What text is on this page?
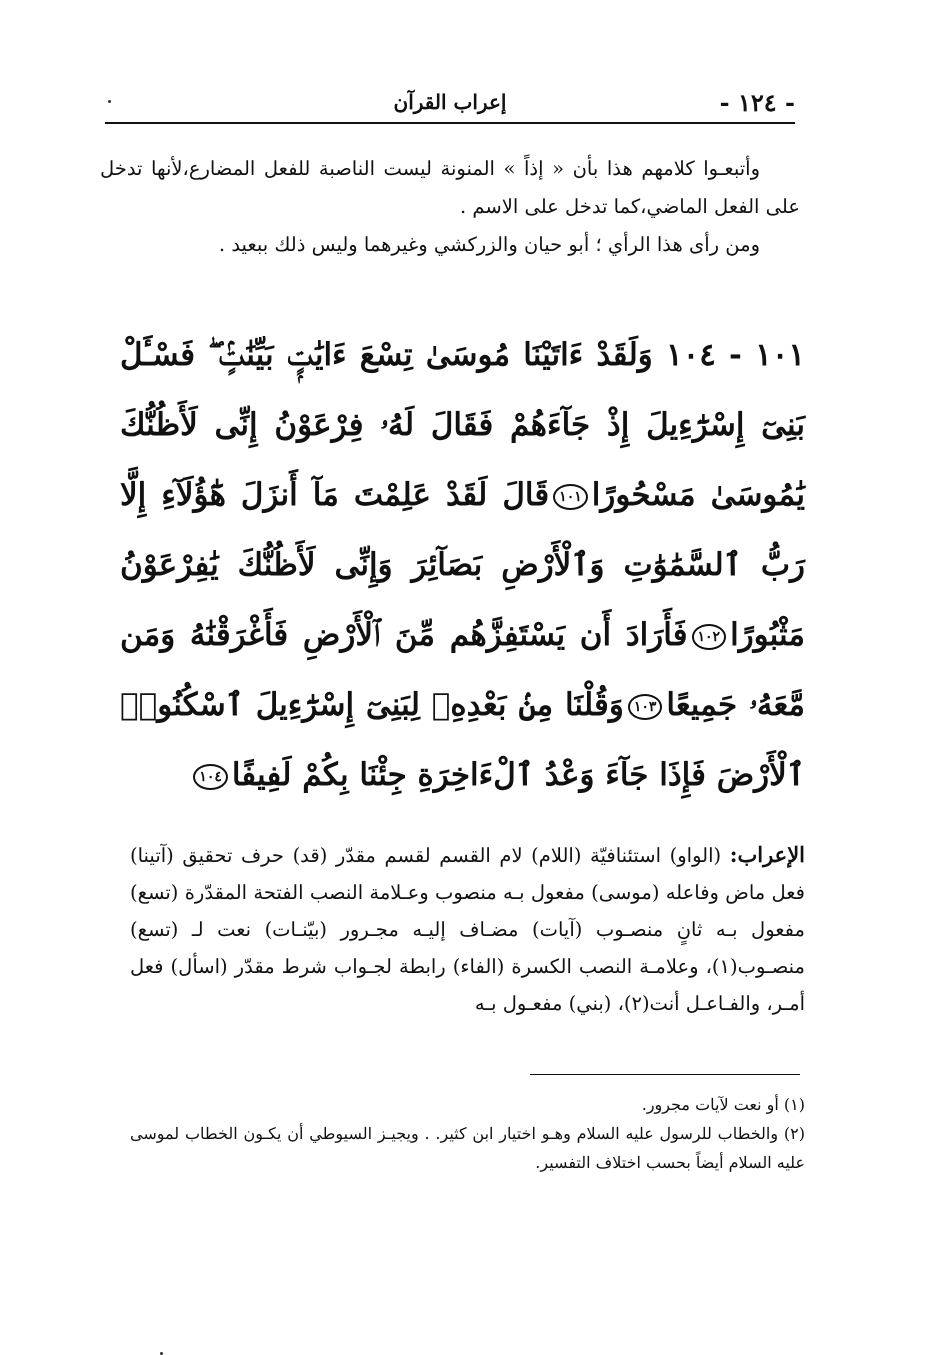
- ١٢٤ -
إعراب القرآن

وأتبعـوا كلامهم هذا بأن « إذاً » المنونة ليست الناصبة للفعل المضارع،لأنها تدخل على الفعل الماضي،كما تدخل على الاسم .

ومن رأى هذا الرأي ؛ أبو حيان والزركشي وغيرهما وليس ذلك ببعيد .

١٠١ - ١٠٤ وَلَقَدْ ءَاتَيْنَا مُوسَىٰ تِسْعَ ءَايَٰتٍۭ بَيِّنَٰتٍۢ ۖ فَسْـَٔلْ بَنِىٓ إِسْرَٰٓءِيلَ إِذْ جَآءَهُمْ فَقَالَ لَهُۥ فِرْعَوْنُ إِنِّى لَأَظُنُّكَ يَٰمُوسَىٰ مَسْحُورًا١٠١قَالَ لَقَدْ عَلِمْتَ مَآ أَنزَلَ هَٰٓؤُلَآءِ إِلَّا رَبُّ ٱلسَّمَٰوَٰتِ وَٱلْأَرْضِ بَصَآئِرَ وَإِنِّى لَأَظُنُّكَ يَٰفِرْعَوْنُ مَثْبُورًا١٠٢فَأَرَادَ أَن يَسْتَفِزَّهُم مِّنَ ٱلْأَرْضِ فَأَغْرَقْنَٰهُ وَمَن مَّعَهُۥ جَمِيعًا١٠٣وَقُلْنَا مِنۢ بَعْدِهِۦ لِبَنِىٓ إِسْرَٰٓءِيلَ ٱسْكُنُوا۟ ٱلْأَرْضَ فَإِذَا جَآءَ وَعْدُ ٱلْءَاخِرَةِ جِئْنَا بِكُمْ لَفِيفًا١٠٤
الإعراب: (الواو) استئنافيّة (اللام) لام القسم لقسم مقدّر (قد) حرف تحقيق (آتينا) فعل ماض وفاعله (موسى) مفعول بـه منصوب وعـلامة النصب الفتحة المقدّرة (تسع) مفعول بـه ثانٍ منصـوب (آيات) مضـاف إليـه مجـرور (بيّنـات) نعت لـ (تسع) منصـوب(١)، وعلامـة النصب الكسرة (الفاء) رابطة لجـواب شرط مقدّر (اسأل) فعل أمـر، والفـاعـل أنت(٢)، (بني) مفعـول بـه

(١) أو نعت لآيات مجرور.

(٢) والخطاب للرسول عليه السلام وهـو اختيار ابن كثير. . ويجيـز السيوطي أن يكـون الخطاب لموسى عليه السلام أيضاً بحسب اختلاف التفسير.
